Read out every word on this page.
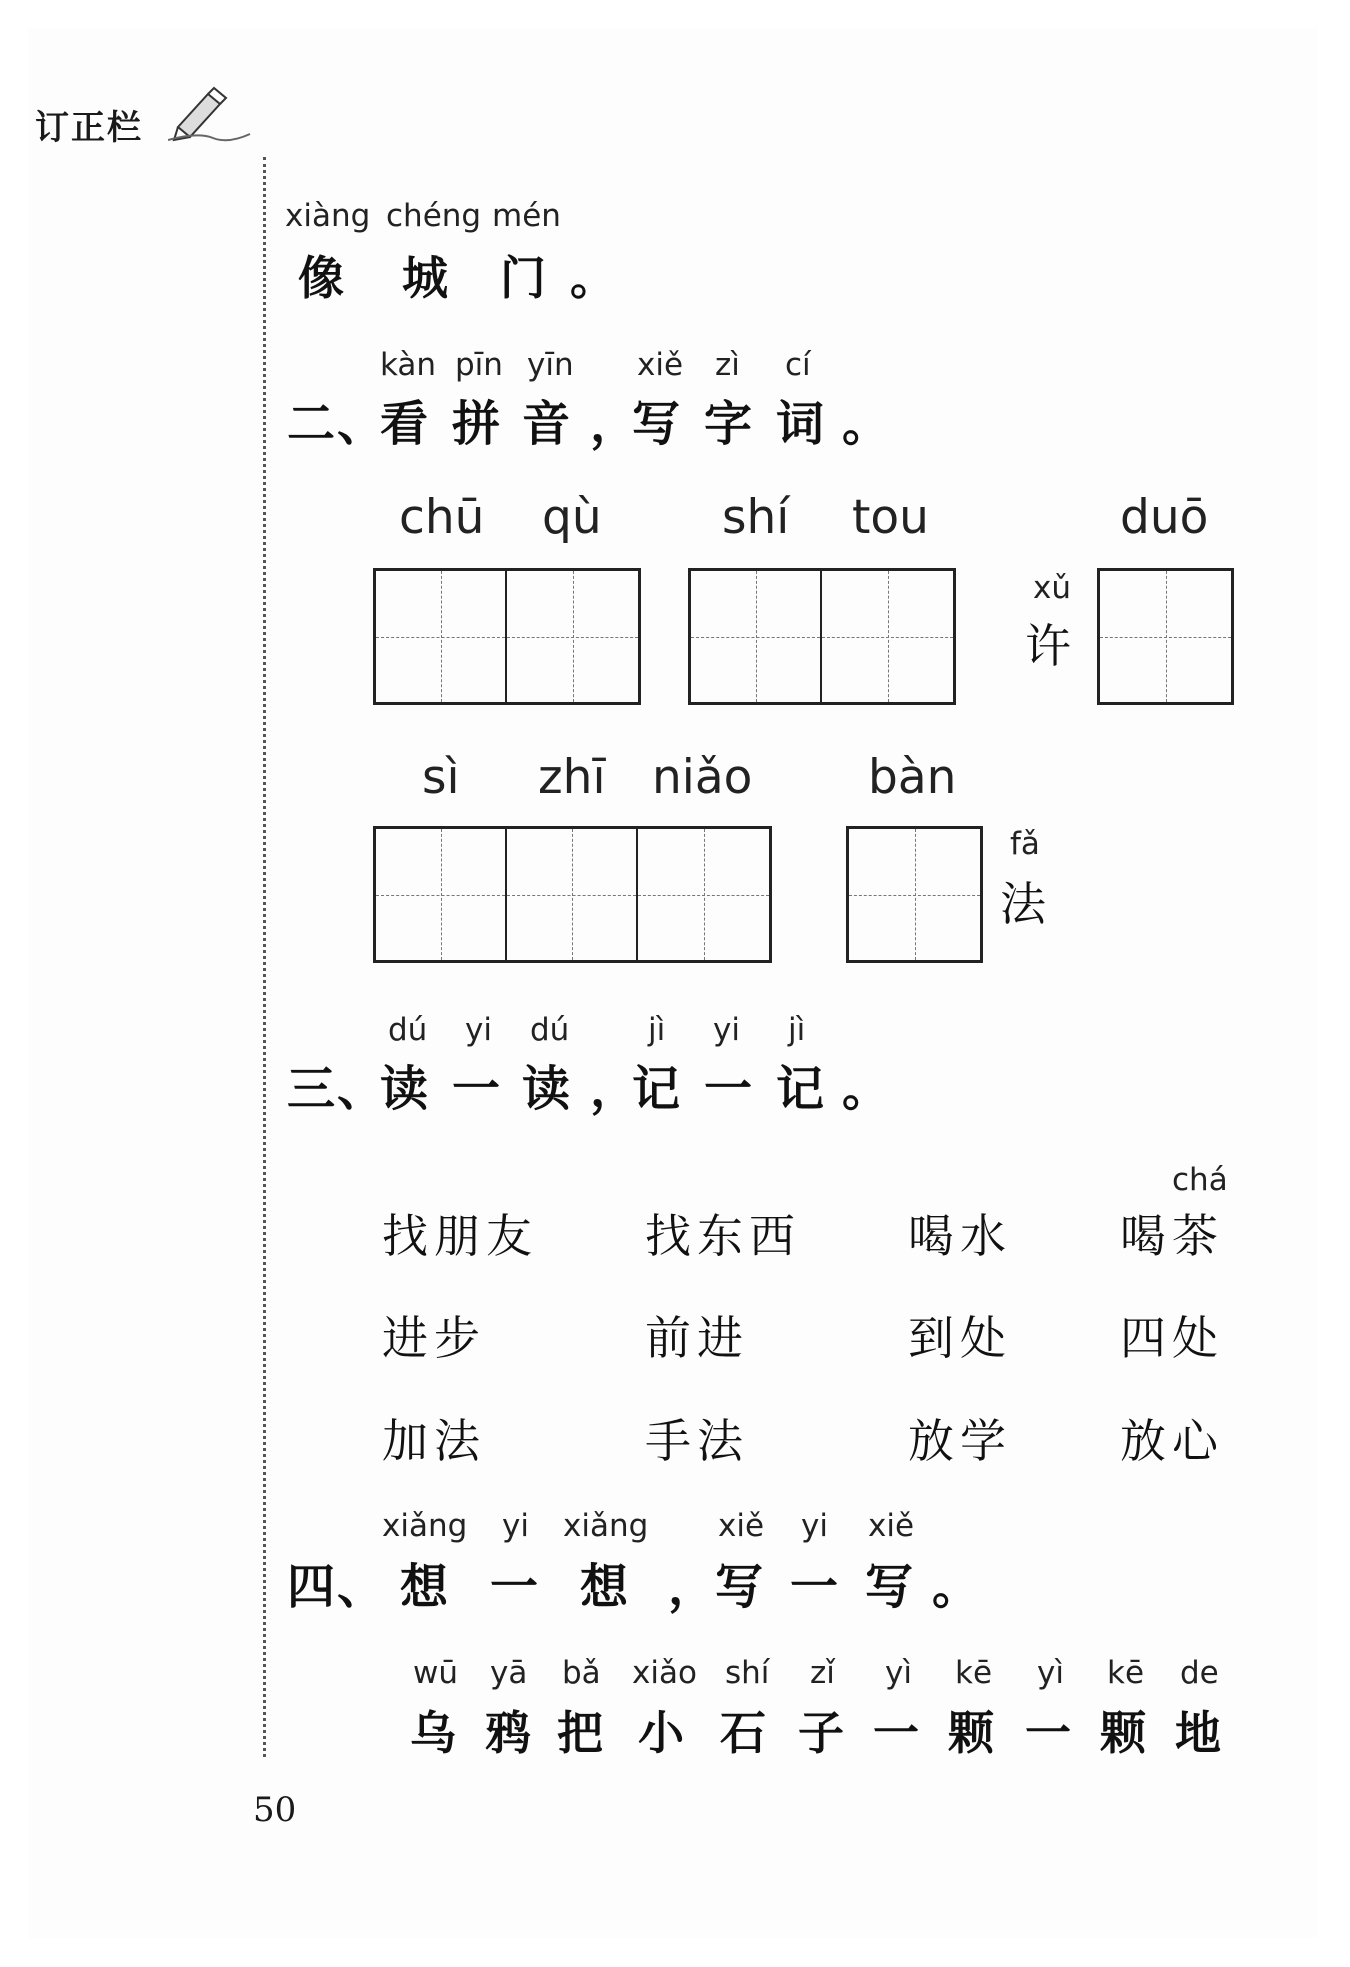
订正栏
xiàng chéng mén
像 城 门 。
kàn pīn yīn xiě zì cí
二、
看 拼 音 ，
写 字 词 。
chū qù	shí tou	duō
xǔ
许
sì zhī niǎo bàn
fǎ
法
dú yi dú	jì yi jì
三、
读 一 读 ，
记 一 记 。
chá
找朋友 找东西 喝水 喝茶
进步	前进	到处 四处
加法	手法	放学 放心
xiǎng yi xiǎng xiě yi xiě
四、 想 一 想 ，
写 一 写 。
wū yā bǎ xiǎo shí zǐ yì kē yì kē de
乌 鸦 把 小 石 子 一 颗 一 颗 地
50
